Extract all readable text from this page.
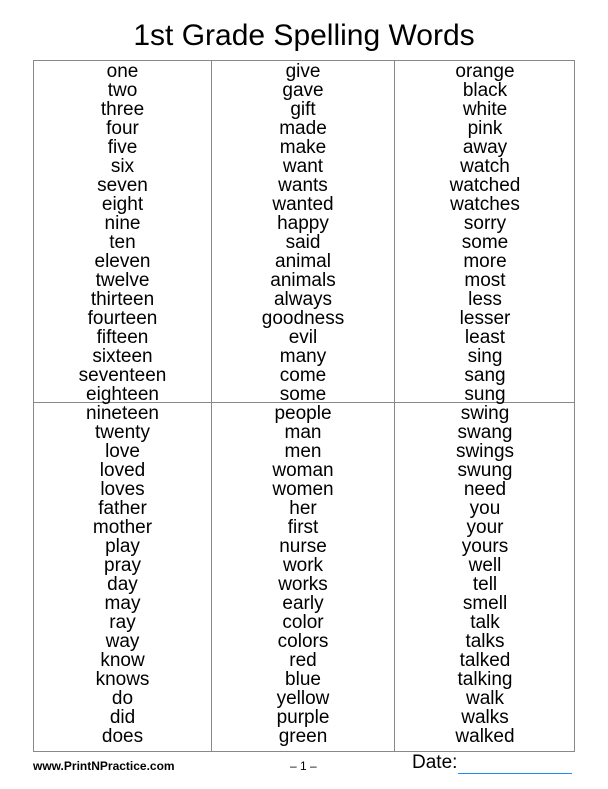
1st Grade Spelling Words
one
two
three
four
five
six
seven
eight
nine
ten
eleven
twelve
thirteen
fourteen
fifteen
sixteen
seventeen
eighteen
give
gave
gift
made
make
want
wants
wanted
happy
said
animal
animals
always
goodness
evil
many
come
some
orange
black
white
pink
away
watch
watched
watches
sorry
some
more
most
less
lesser
least
sing
sang
sung
nineteen
twenty
love
loved
loves
father
mother
play
pray
day
may
ray
way
know
knows
do
did
does
people
man
men
woman
women
her
first
nurse
work
works
early
color
colors
red
blue
yellow
purple
green
swing
swang
swings
swung
need
you
your
yours
well
tell
smell
talk
talks
talked
talking
walk
walks
walked
www.PrintNPractice.com	– 1 –	Date:
